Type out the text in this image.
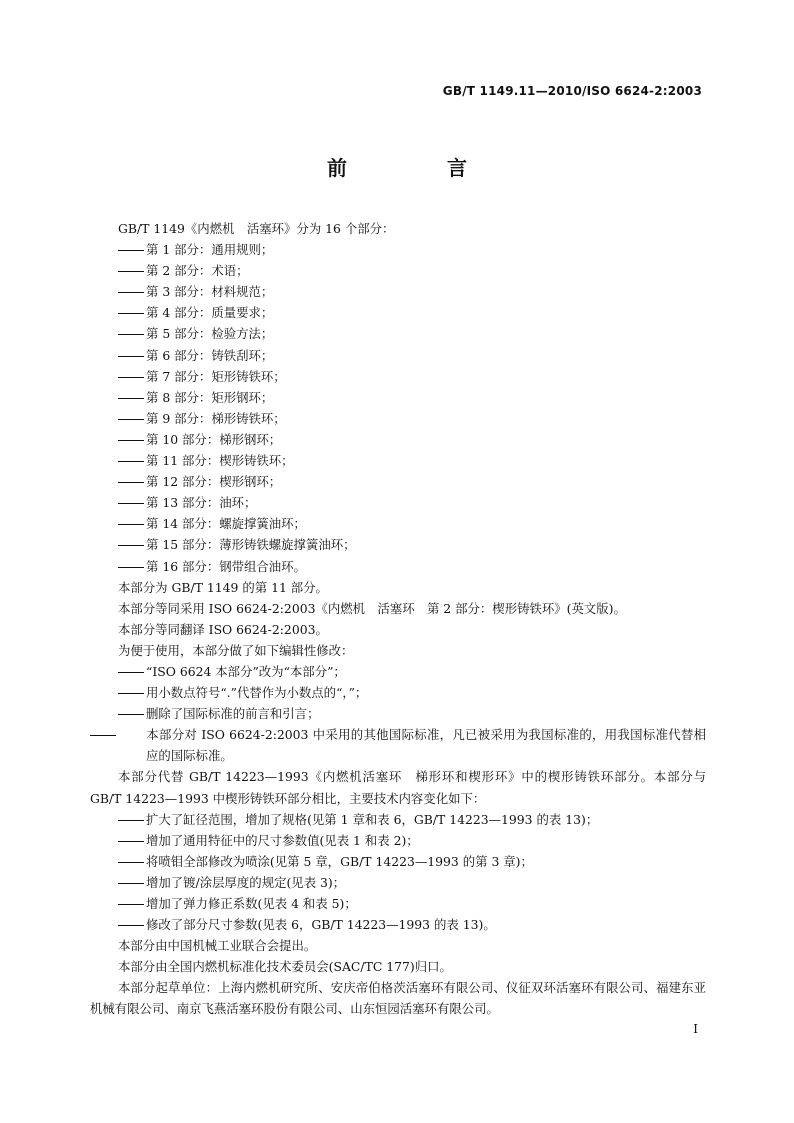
GB/T 1149.11—2010/ISO 6624-2:2003
前　言

GB/T 1149《内燃机　活塞环》分为 16 个部分：

第 1 部分：通用规则；

第 2 部分：术语；

第 3 部分：材料规范；

第 4 部分：质量要求；

第 5 部分：检验方法；

第 6 部分：铸铁刮环；

第 7 部分：矩形铸铁环；

第 8 部分：矩形钢环；

第 9 部分：梯形铸铁环；

第 10 部分：梯形钢环；

第 11 部分：楔形铸铁环；

第 12 部分：楔形钢环；

第 13 部分：油环；

第 14 部分：螺旋撑簧油环；

第 15 部分：薄形铸铁螺旋撑簧油环；

第 16 部分：钢带组合油环。

本部分为 GB/T 1149 的第 11 部分。

本部分等同采用 ISO 6624-2:2003《内燃机　活塞环　第 2 部分：楔形铸铁环》(英文版)。

本部分等同翻译 ISO 6624-2:2003。

为便于使用，本部分做了如下编辑性修改：

“ISO 6624 本部分”改为“本部分”；

用小数点符号“.”代替作为小数点的“，”；

删除了国际标准的前言和引言；

本部分对 ISO 6624-2:2003 中采用的其他国际标准，凡已被采用为我国标准的，用我国标准代替相应的国际标准。

本部分代替 GB/T 14223—1993《内燃机活塞环　梯形环和楔形环》中的楔形铸铁环部分。本部分与 GB/T 14223—1993 中楔形铸铁环部分相比，主要技术内容变化如下：

扩大了缸径范围，增加了规格(见第 1 章和表 6，GB/T 14223—1993 的表 13)；

增加了通用特征中的尺寸参数值(见表 1 和表 2)；

将喷钼全部修改为喷涂(见第 5 章，GB/T 14223—1993 的第 3 章)；

增加了镀/涂层厚度的规定(见表 3)；

增加了弹力修正系数(见表 4 和表 5)；

修改了部分尺寸参数(见表 6，GB/T 14223—1993 的表 13)。

本部分由中国机械工业联合会提出。

本部分由全国内燃机标准化技术委员会(SAC/TC 177)归口。

本部分起草单位：上海内燃机研究所、安庆帝伯格茨活塞环有限公司、仪征双环活塞环有限公司、福建东亚机械有限公司、南京飞燕活塞环股份有限公司、山东恒园活塞环有限公司。

I
